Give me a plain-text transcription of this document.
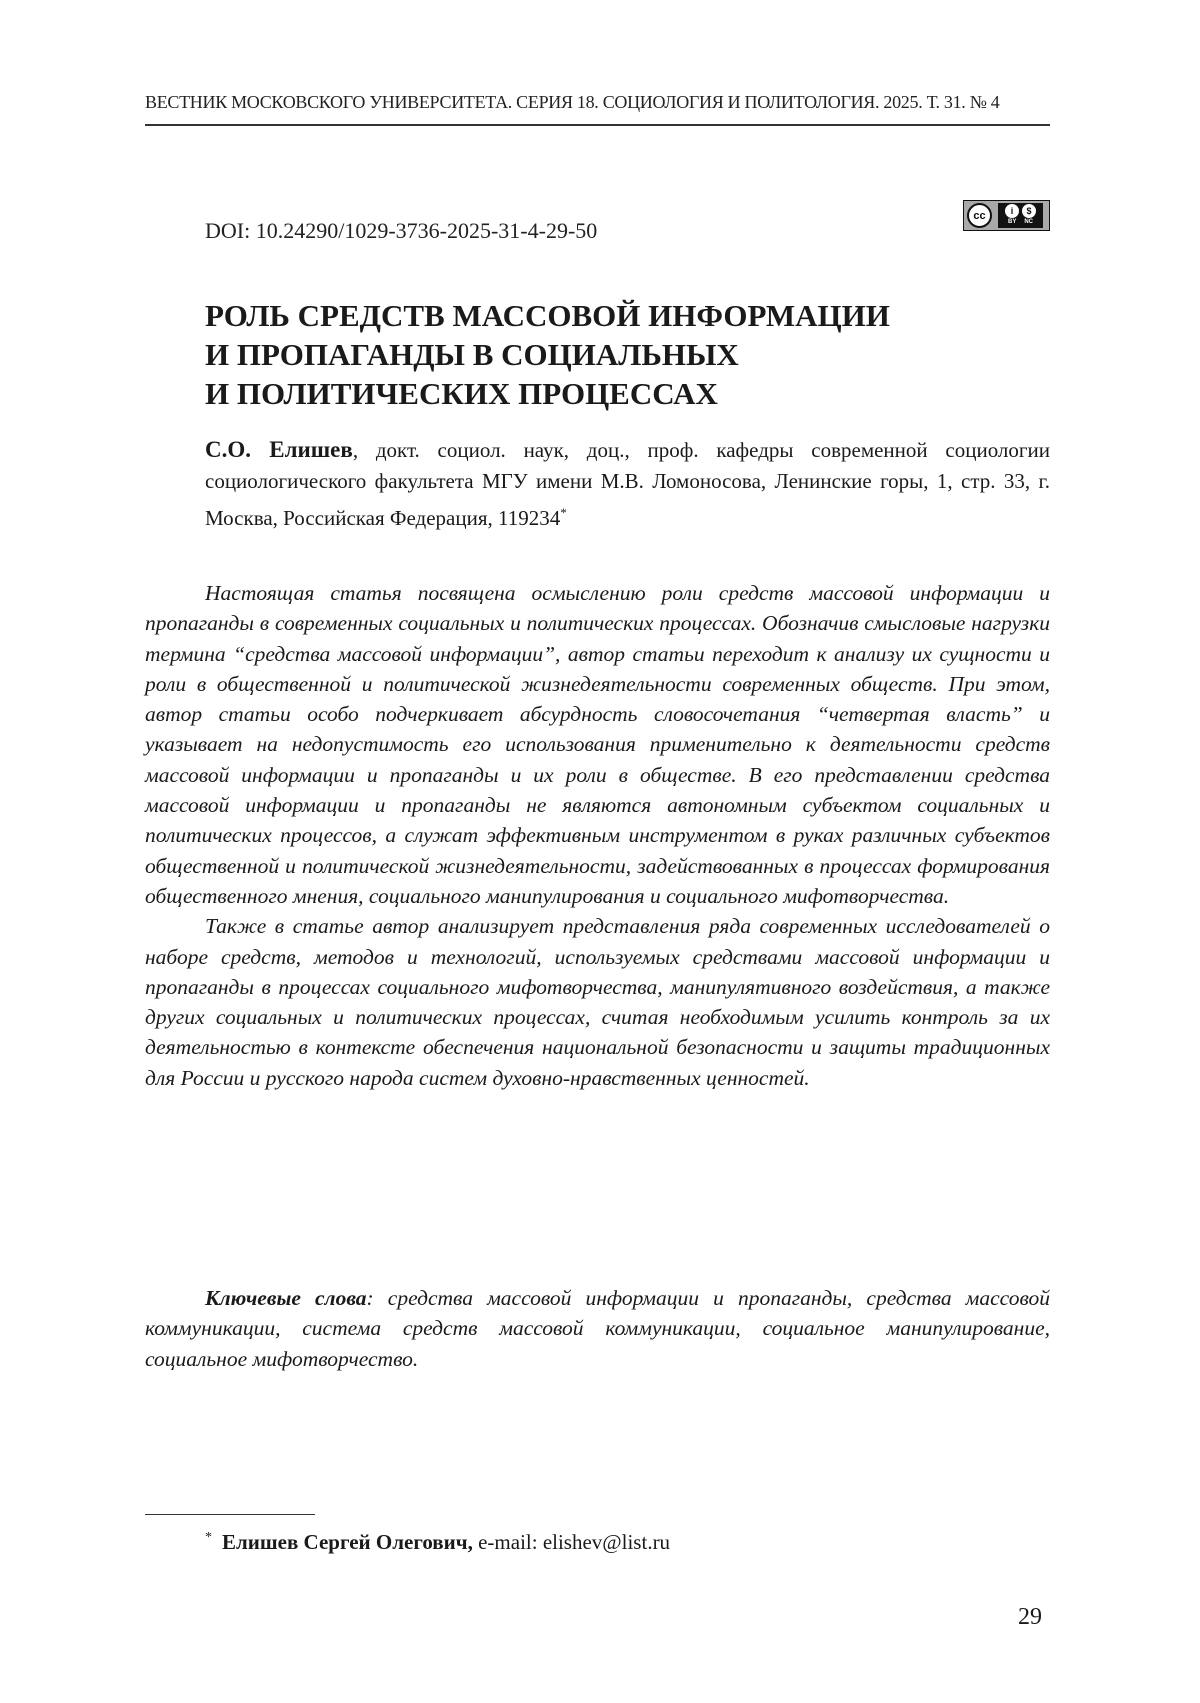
ВЕСТНИК МОСКОВСКОГО УНИВЕРСИТЕТА. СЕРИЯ 18. СОЦИОЛОГИЯ И ПОЛИТОЛОГИЯ. 2025. Т. 31. № 4
DOI: 10.24290/1029-3736-2025-31-4-29-50
cc	i	$
BY NC
РОЛЬ СРЕДСТВ МАССОВОЙ ИНФОРМАЦИИ
И ПРОПАГАНДЫ В СОЦИАЛЬНЫХ
И ПОЛИТИЧЕСКИХ ПРОЦЕССАХ
С.О. Елишев, докт. социол. наук, доц., проф. кафедры современной социологии социологического факультета МГУ имени М.В. Ломоносова, Ленинские горы, 1, стр. 33, г. Москва, Российская Федерация, 119234*

Настоящая статья посвящена осмыслению роли средств массовой информации и пропаганды в современных социальных и политических процессах. Обозначив смысловые нагрузки термина “средства массовой информации”, автор статьи переходит к анализу их сущности и роли в общественной и политической жизнедеятельности современных обществ. При этом, автор статьи особо подчеркивает абсурдность словосочетания “четвертая власть” и указывает на недопустимость его использования применительно к деятельности средств массовой информации и пропаганды и их роли в обществе. В его представлении средства массовой информации и пропаганды не являются автономным субъектом социальных и политических процессов, а служат эффективным инструментом в руках различных субъектов общественной и политической жизнедеятельности, задействованных в процессах формирования общественного мнения, социального манипулирования и социального мифотворчества.

Также в статье автор анализирует представления ряда современных исследователей о наборе средств, методов и технологий, используемых средствами массовой информации и пропаганды в процессах социального мифотворчества, манипулятивного воздействия, а также других социальных и политических процессах, считая необходимым усилить контроль за их деятельностью в контексте обеспечения национальной безопасности и защиты традиционных для России и русского народа систем духовно-нравственных ценностей.

Ключевые слова: средства массовой информации и пропаганды, средства массовой коммуникации, система средств массовой коммуникации, социальное манипулирование, социальное мифотворчество.

* Елишев Сергей Олегович, e-mail: elishev@list.ru
29
